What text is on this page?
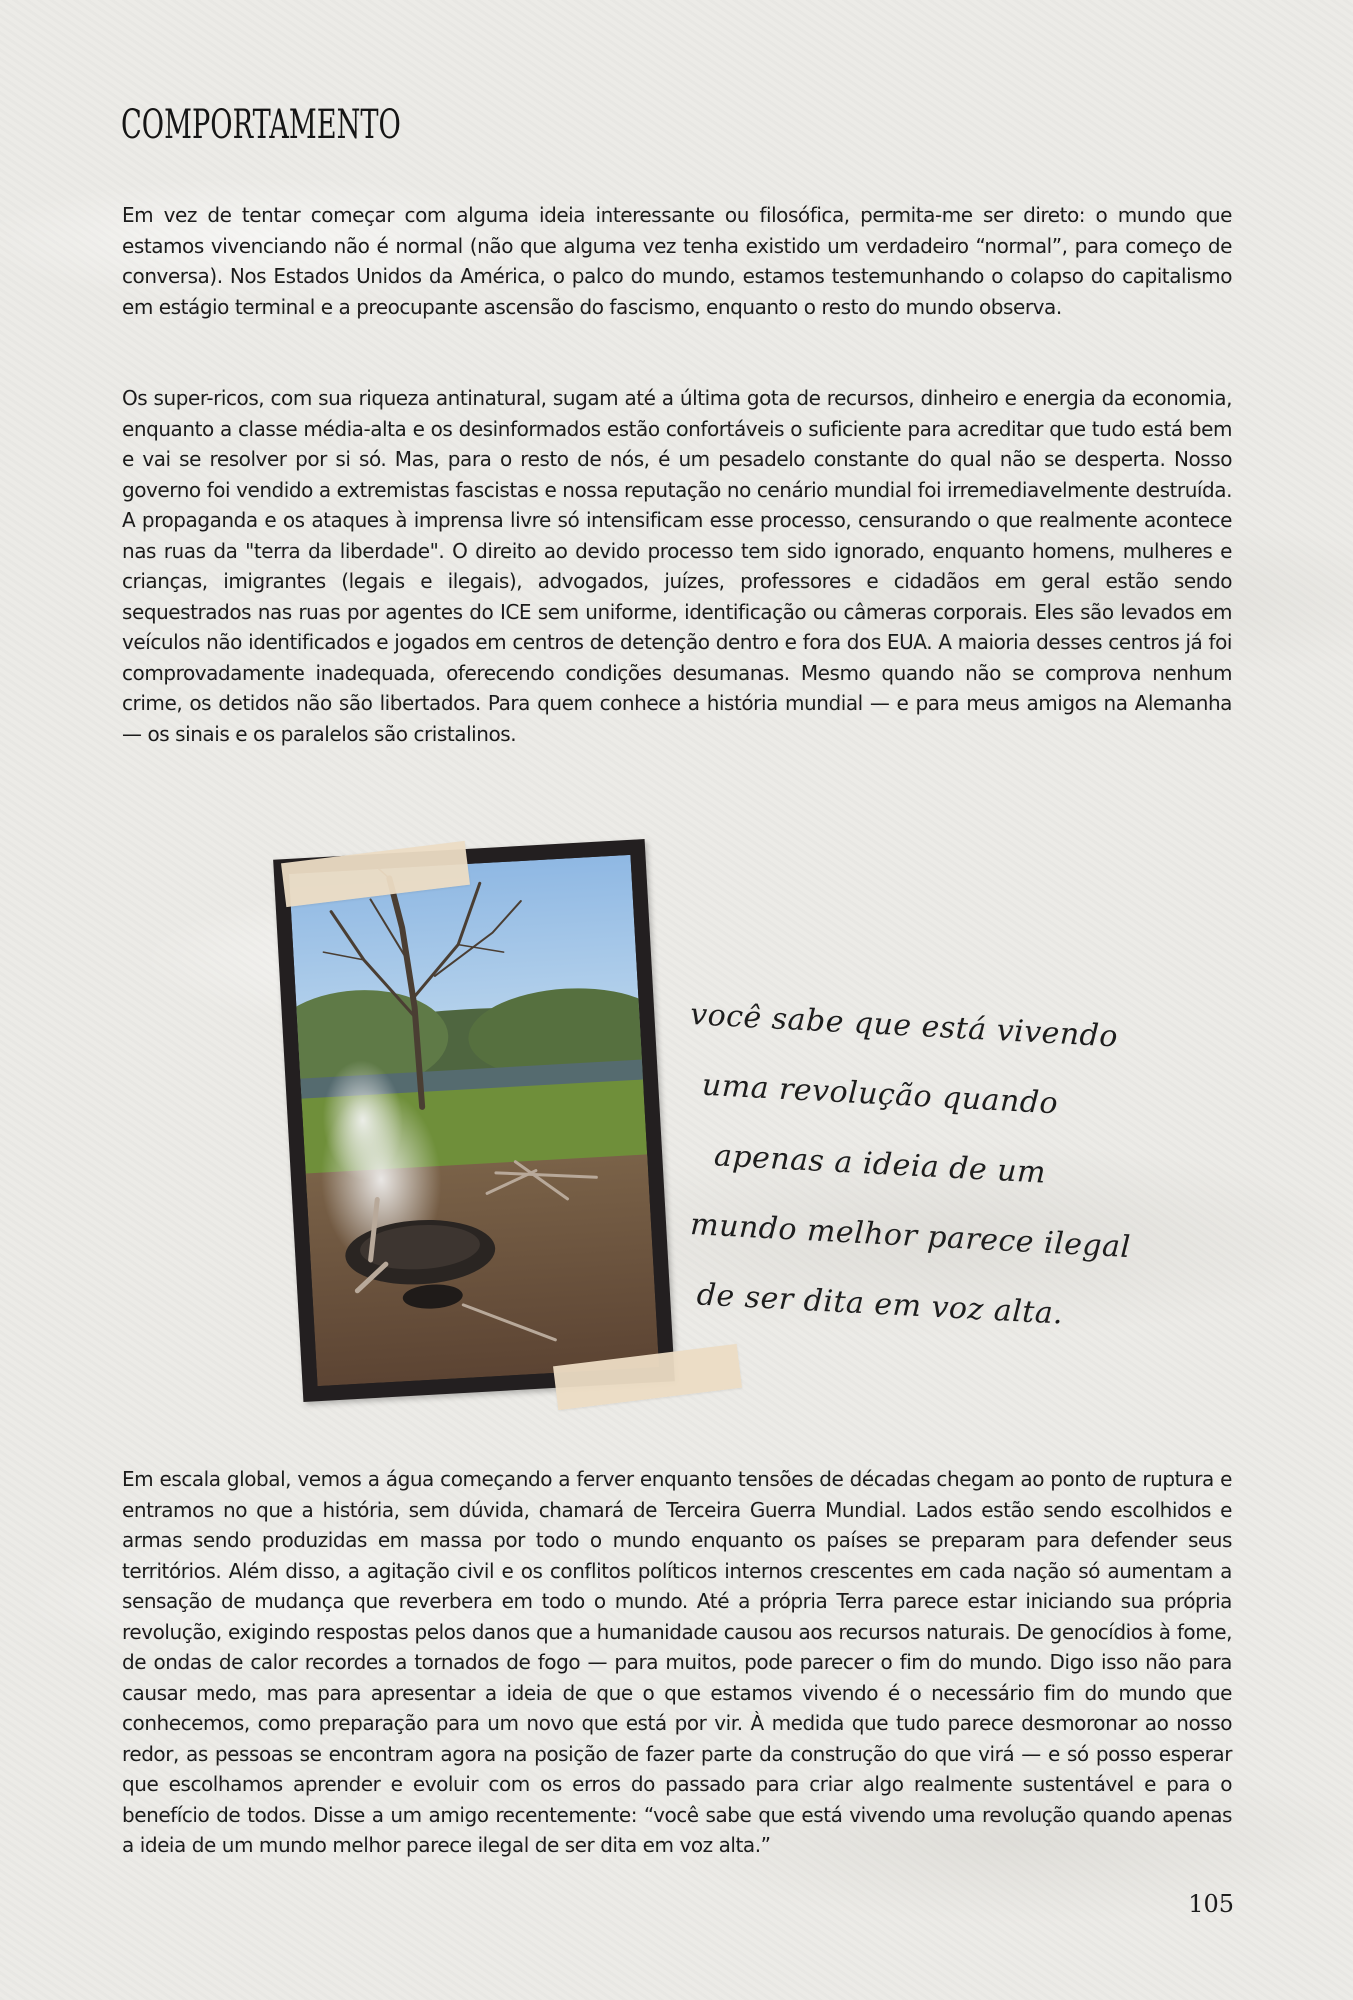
COMPORTAMENTO

Em vez de tentar começar com alguma ideia interessante ou filosófica, permita-me ser direto: o mundo que estamos vivenciando não é normal (não que alguma vez tenha existido um verdadeiro “normal”, para começo de conversa). Nos Estados Unidos da América, o palco do mundo, estamos testemunhando o colapso do capitalismo em estágio terminal e a preocupante ascensão do fascismo, enquanto o resto do mundo observa.

Os super-ricos, com sua riqueza antinatural, sugam até a última gota de recursos, dinheiro e energia da economia, enquanto a classe média-alta e os desinformados estão confortáveis o suficiente para acreditar que tudo está bem e vai se resolver por si só. Mas, para o resto de nós, é um pesadelo constante do qual não se desperta. Nosso governo foi vendido a extremistas fascistas e nossa reputação no cenário mundial foi irremediavelmente destruída. A propaganda e os ataques à imprensa livre só intensificam esse processo, censurando o que realmente acontece nas ruas da "terra da liberdade". O direito ao devido processo tem sido ignorado, enquanto homens, mulheres e crianças, imigrantes (legais e ilegais), advogados, juízes, professores e cidadãos em geral estão sendo sequestrados nas ruas por agentes do ICE sem uniforme, identificação ou câmeras corporais. Eles são levados em veículos não identificados e jogados em centros de detenção dentro e fora dos EUA. A maioria desses centros já foi comprovadamente inadequada, oferecendo condições desumanas. Mesmo quando não se comprova nenhum crime, os detidos não são libertados. Para quem conhece a história mundial — e para meus amigos na Alemanha — os sinais e os paralelos são cristalinos.

você sabe que está vivendo
uma revolução quando
apenas a ideia de um
mundo melhor parece ilegal
de ser dita em voz alta.

Em escala global, vemos a água começando a ferver enquanto tensões de décadas chegam ao ponto de ruptura e entramos no que a história, sem dúvida, chamará de Terceira Guerra Mundial. Lados estão sendo escolhidos e armas sendo produzidas em massa por todo o mundo enquanto os países se preparam para defender seus territórios. Além disso, a agitação civil e os conflitos políticos internos crescentes em cada nação só aumentam a sensação de mudança que reverbera em todo o mundo. Até a própria Terra parece estar iniciando sua própria revolução, exigindo respostas pelos danos que a humanidade causou aos recursos naturais. De genocídios à fome, de ondas de calor recordes a tornados de fogo — para muitos, pode parecer o fim do mundo. Digo isso não para causar medo, mas para apresentar a ideia de que o que estamos vivendo é o necessário fim do mundo que conhecemos, como preparação para um novo que está por vir. À medida que tudo parece desmoronar ao nosso redor, as pessoas se encontram agora na posição de fazer parte da construção do que virá — e só posso esperar que escolhamos aprender e evoluir com os erros do passado para criar algo realmente sustentável e para o benefício de todos. Disse a um amigo recentemente: “você sabe que está vivendo uma revolução quando apenas a ideia de um mundo melhor parece ilegal de ser dita em voz alta.”

105
